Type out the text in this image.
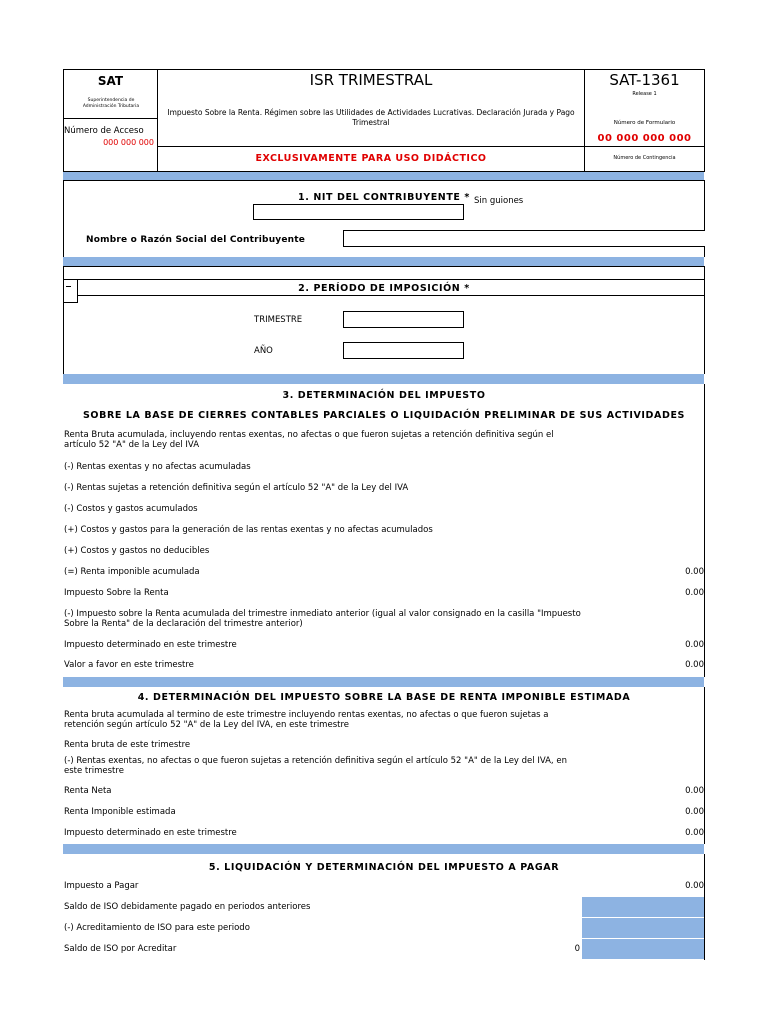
SAT
Superintendencia de Administración Tributaria
ISR TRIMESTRAL
Impuesto Sobre la Renta. Régimen sobre las Utilidades de Actividades Lucrativas. Declaración Jurada y Pago Trimestral
SAT-1361
Release 1
Número de Formulario
00 000 000 000
Número de Acceso
000 000 000
EXCLUSIVAMENTE PARA USO DIDÁCTICO	Número de Contingencia
1. NIT DEL CONTRIBUYENTE * Sin guiones
Nombre o Razón Social del Contribuyente
2. PERÍODO DE IMPOSICIÓN *
TRIMESTRE
AÑO
3. DETERMINACIÓN DEL IMPUESTO
SOBRE LA BASE DE CIERRES CONTABLES PARCIALES O LIQUIDACIÓN PRELIMINAR DE SUS ACTIVIDADES
Renta Bruta acumulada, incluyendo rentas exentas, no afectas o que fueron sujetas a retención definitiva según el artículo 52 "A" de la Ley del IVA
(-) Rentas exentas y no afectas acumuladas
(-) Rentas sujetas a retención definitiva según el artículo 52 "A" de la Ley del IVA
(-) Costos y gastos acumulados
(+) Costos y gastos para la generación de las rentas exentas y no afectas acumulados
(+) Costos y gastos no deducibles
(=) Renta imponible acumulada	0.00
Impuesto Sobre la Renta	0.00
(-) Impuesto sobre la Renta acumulada del trimestre inmediato anterior (igual al valor consignado en la casilla "Impuesto Sobre la Renta" de la declaración del trimestre anterior)
Impuesto determinado en este trimestre	0.00
Valor a favor en este trimestre	0.00
4. DETERMINACIÓN DEL IMPUESTO SOBRE LA BASE DE RENTA IMPONIBLE ESTIMADA
Renta bruta acumulada al termino de este trimestre incluyendo rentas exentas, no afectas o que fueron sujetas a retención según artículo 52 "A" de la Ley del IVA, en este trimestre
Renta bruta de este trimestre
(-) Rentas exentas, no afectas o que fueron sujetas a retención definitiva según el artículo 52 "A" de la Ley del IVA, en este trimestre
Renta Neta	0.00
Renta Imponible estimada	0.00
Impuesto determinado en este trimestre	0.00
5. LIQUIDACIÓN Y DETERMINACIÓN DEL IMPUESTO A PAGAR
Impuesto a Pagar	0.00
Saldo de ISO debidamente pagado en periodos anteriores
(-) Acreditamiento de ISO para este periodo
Saldo de ISO por Acreditar	0
